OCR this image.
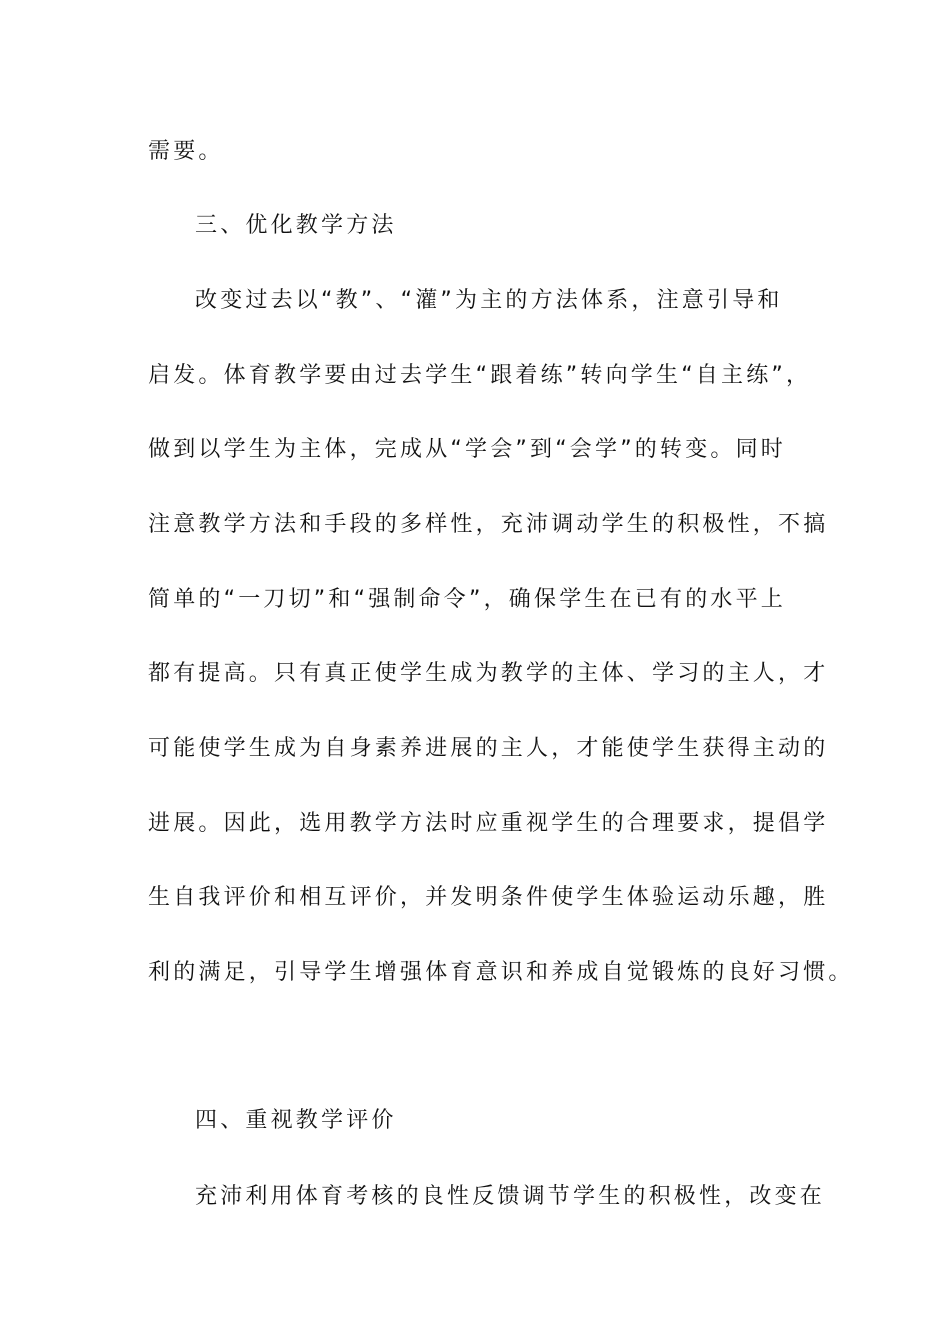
需要。
三、优化教学方法
改变过去以“教”、“灌”为主的方法体系，注意引导和
启发。体育教学要由过去学生“跟着练”转向学生“自主练”，
做到以学生为主体，完成从“学会”到“会学”的转变。同时
注意教学方法和手段的多样性，充沛调动学生的积极性，不搞
简单的“一刀切”和“强制命令”，确保学生在已有的水平上
都有提高。只有真正使学生成为教学的主体、学习的主人，才
可能使学生成为自身素养进展的主人，才能使学生获得主动的
进展。因此，选用教学方法时应重视学生的合理要求，提倡学
生自我评价和相互评价，并发明条件使学生体验运动乐趣，胜
利的满足，引导学生增强体育意识和养成自觉锻炼的良好习惯。
四、重视教学评价
充沛利用体育考核的良性反馈调节学生的积极性，改变在
